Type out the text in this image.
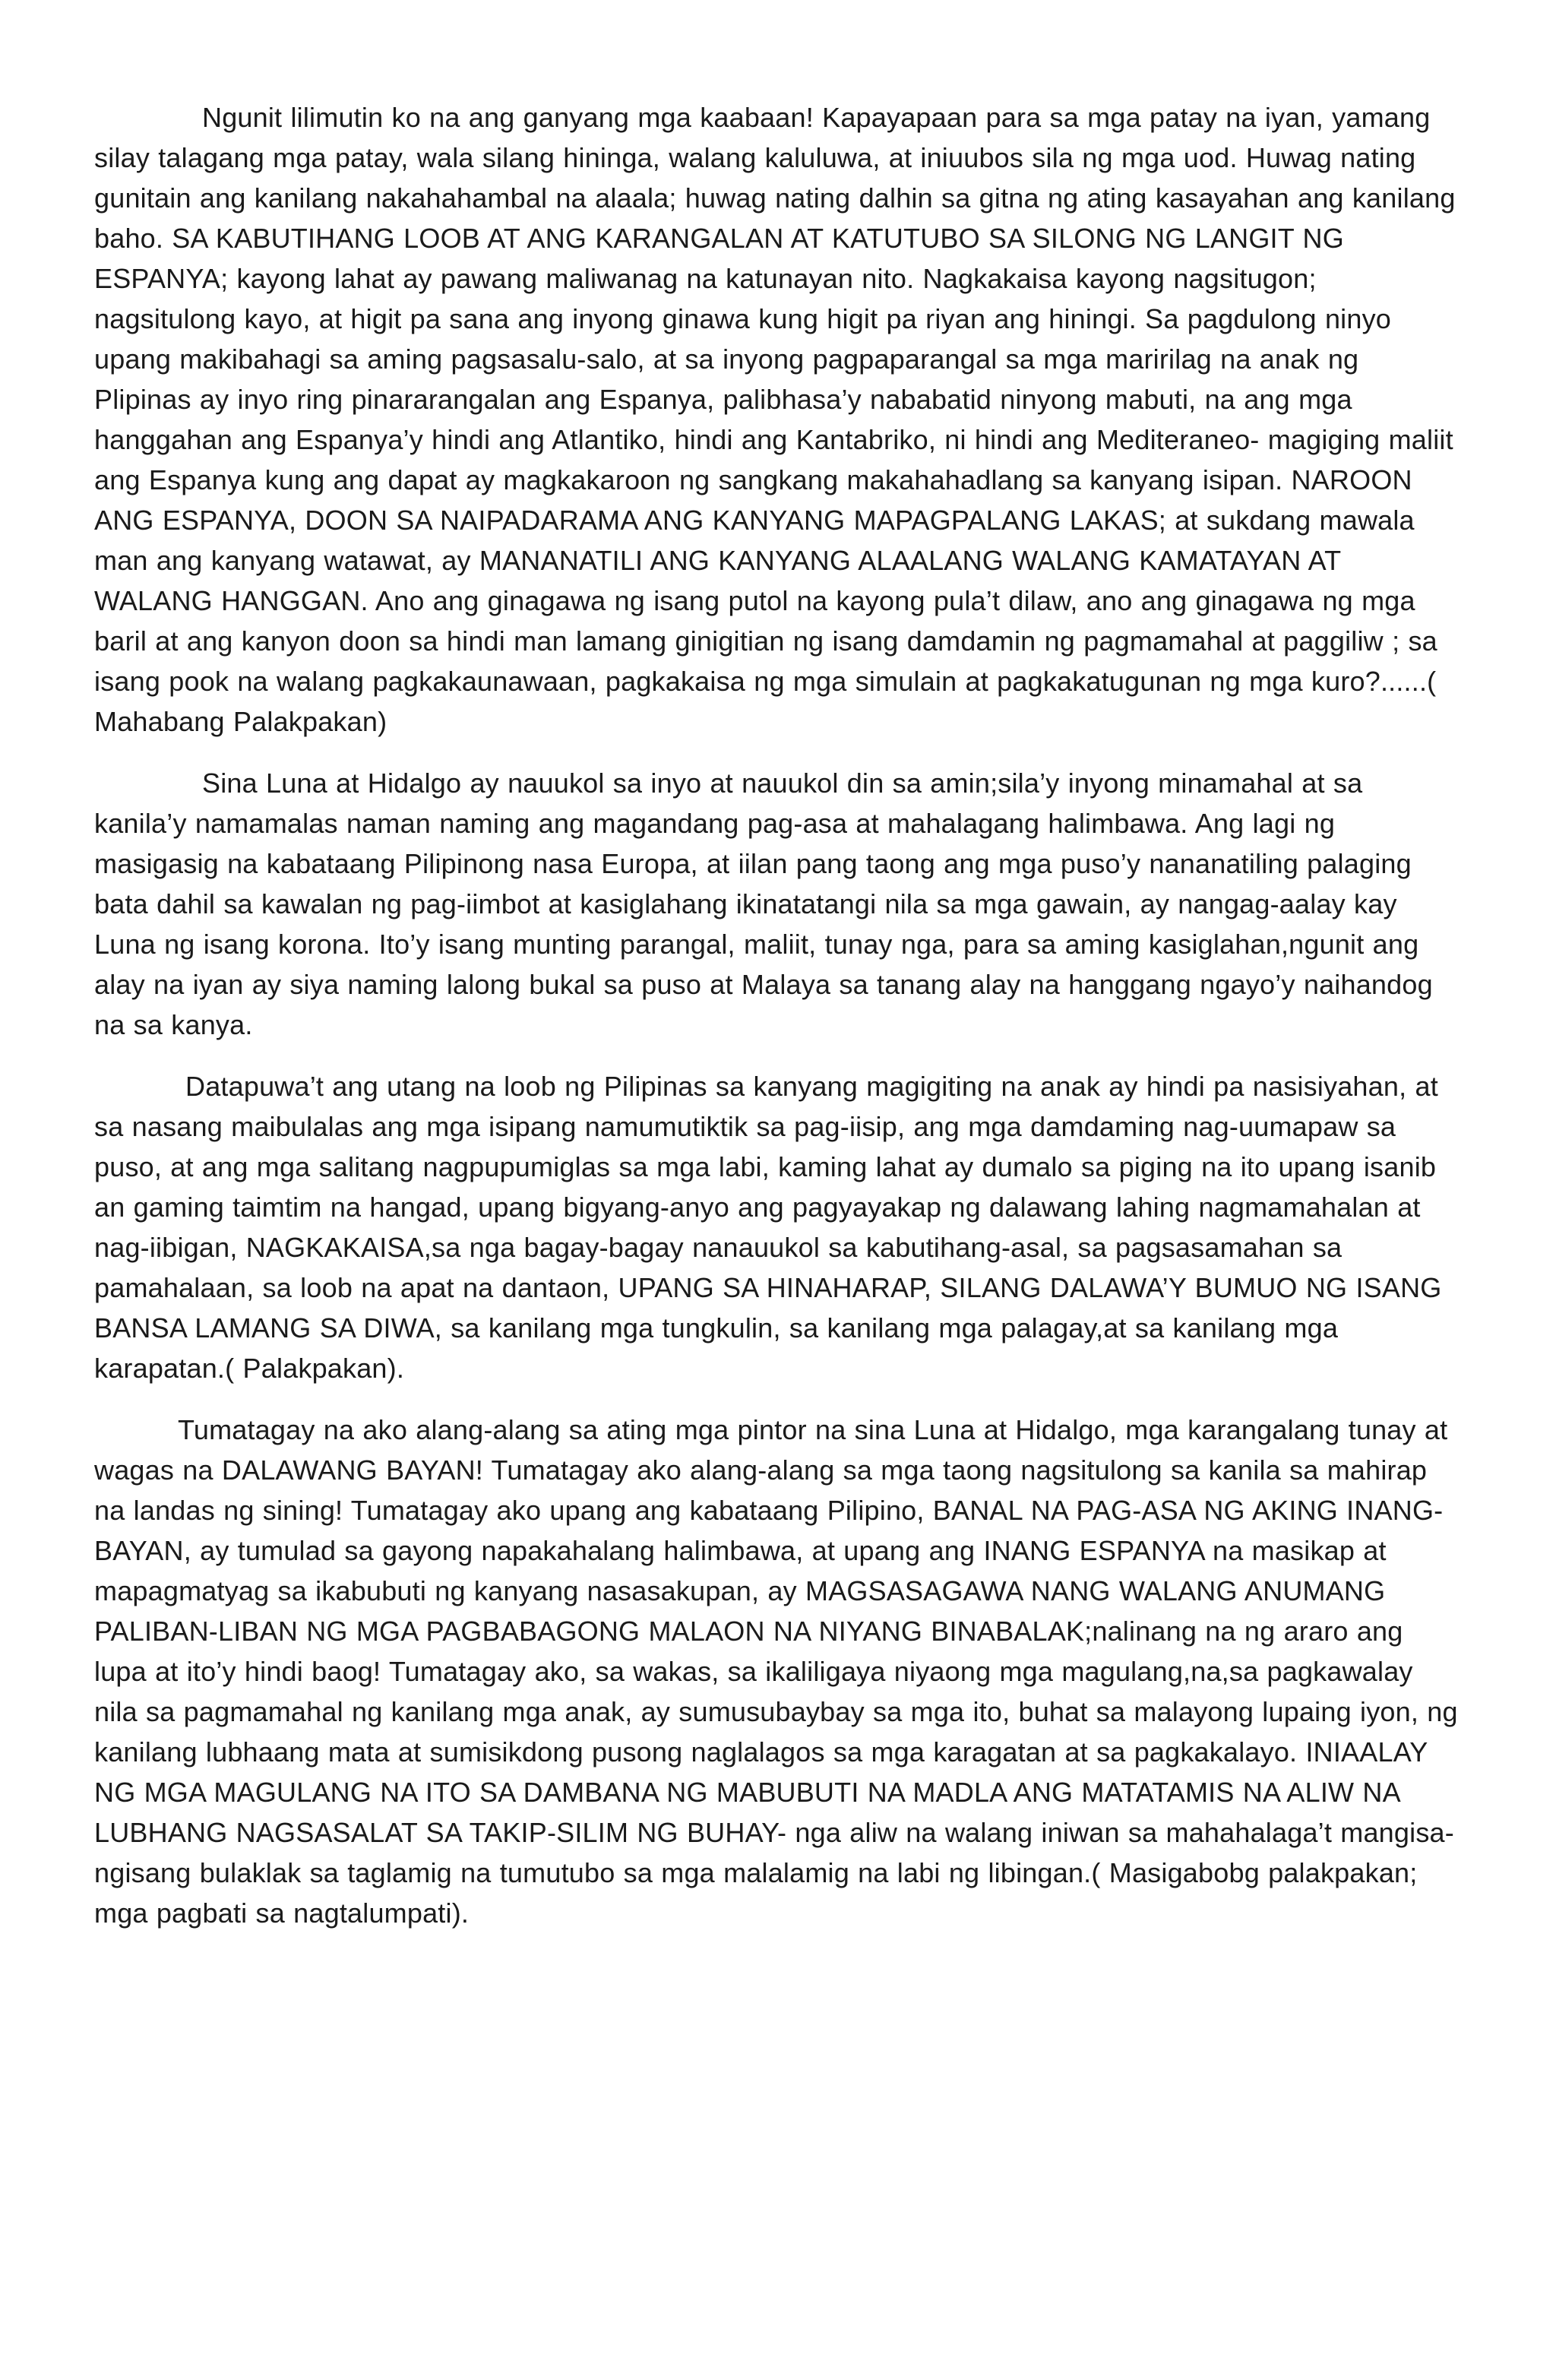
Ngunit lilimutin ko na ang ganyang mga kaabaan! Kapayapaan para sa mga patay na iyan, yamang silay talagang mga patay, wala silang hininga, walang kaluluwa, at iniuubos sila ng mga uod. Huwag nating gunitain ang kanilang nakahahambal na alaala; huwag nating dalhin sa gitna ng ating kasayahan ang kanilang baho. SA KABUTIHANG LOOB AT ANG KARANGALAN AT KATUTUBO SA SILONG NG LANGIT NG ESPANYA; kayong lahat ay pawang maliwanag na katunayan nito. Nagkakaisa kayong nagsitugon; nagsitulong kayo, at higit pa sana ang inyong ginawa kung higit pa riyan ang hiningi. Sa pagdulong ninyo upang makibahagi sa aming pagsasalu-salo, at sa inyong pagpaparangal sa mga maririlag na anak ng Plipinas ay inyo ring pinararangalan ang Espanya, palibhasa’y nababatid ninyong mabuti, na ang mga hanggahan ang Espanya’y hindi ang Atlantiko, hindi ang Kantabriko, ni hindi ang Mediteraneo- magiging maliit ang Espanya kung ang dapat ay magkakaroon ng sangkang makahahadlang sa kanyang isipan. NAROON ANG ESPANYA, DOON SA NAIPADARAMA ANG KANYANG MAPAGPALANG LAKAS; at sukdang mawala man ang kanyang watawat, ay MANANATILI ANG KANYANG ALAALANG WALANG KAMATAYAN AT WALANG HANGGAN. Ano ang ginagawa ng isang putol na kayong pula’t dilaw, ano ang ginagawa ng mga baril at ang kanyon doon sa hindi man lamang ginigitian ng isang damdamin ng pagmamahal at paggiliw ; sa isang pook na walang pagkakaunawaan, pagkakaisa ng mga simulain at pagkakatugunan ng mga kuro?......( Mahabang Palakpakan)

Sina Luna at Hidalgo ay nauukol sa inyo at nauukol din sa amin;sila’y inyong minamahal at sa kanila’y namamalas naman naming ang magandang pag-asa at mahalagang halimbawa. Ang lagi ng masigasig na kabataang Pilipinong nasa Europa, at iilan pang taong ang mga puso’y nananatiling palaging bata dahil sa kawalan ng pag-iimbot at kasiglahang ikinatatangi nila sa mga gawain, ay nangag-aalay kay Luna ng isang korona. Ito’y isang munting parangal, maliit, tunay nga, para sa aming kasiglahan,ngunit ang alay na iyan ay siya naming lalong bukal sa puso at Malaya sa tanang alay na hanggang ngayo’y naihandog na sa kanya.

Datapuwa’t ang utang na loob ng Pilipinas sa kanyang magigiting na anak ay hindi pa nasisiyahan, at sa nasang maibulalas ang mga isipang namumutiktik sa pag-iisip, ang mga damdaming nag-uumapaw sa puso, at ang mga salitang nagpupumiglas sa mga labi, kaming lahat ay dumalo sa piging na ito upang isanib an gaming taimtim na hangad, upang bigyang-anyo ang pagyayakap ng dalawang lahing nagmamahalan at nag-iibigan, NAGKAKAISA,sa nga bagay-bagay nanauukol sa kabutihang-asal, sa pagsasamahan sa pamahalaan, sa loob na apat na dantaon, UPANG SA HINAHARAP, SILANG DALAWA’Y BUMUO NG ISANG BANSA LAMANG SA DIWA, sa kanilang mga tungkulin, sa kanilang mga palagay,at sa kanilang mga karapatan.( Palakpakan).

Tumatagay na ako alang-alang sa ating mga pintor na sina Luna at Hidalgo, mga karangalang tunay at wagas na DALAWANG BAYAN! Tumatagay ako alang-alang sa mga taong nagsitulong sa kanila sa mahirap na landas ng sining! Tumatagay ako upang ang kabataang Pilipino, BANAL NA PAG-ASA NG AKING INANG-BAYAN, ay tumulad sa gayong napakahalang halimbawa, at upang ang INANG ESPANYA na masikap at mapagmatyag sa ikabubuti ng kanyang nasasakupan, ay MAGSASAGAWA NANG WALANG ANUMANG PALIBAN-LIBAN NG MGA PAGBABAGONG MALAON NA NIYANG BINABALAK;nalinang na ng araro ang lupa at ito’y hindi baog! Tumatagay ako, sa wakas, sa ikaliligaya niyaong mga magulang,na,sa pagkawalay nila sa pagmamahal ng kanilang mga anak, ay sumusubaybay sa mga ito, buhat sa malayong lupaing iyon, ng kanilang lubhaang mata at sumisikdong pusong naglalagos sa mga karagatan at sa pagkakalayo. INIAALAY NG MGA MAGULANG NA ITO SA DAMBANA NG MABUBUTI NA MADLA ANG MATATAMIS NA ALIW NA LUBHANG NAGSASALAT SA TAKIP-SILIM NG BUHAY- nga aliw na walang iniwan sa mahahalaga’t mangisa-ngisang bulaklak sa taglamig na tumutubo sa mga malalamig na labi ng libingan.( Masigabobg palakpakan; mga pagbati sa nagtalumpati).
